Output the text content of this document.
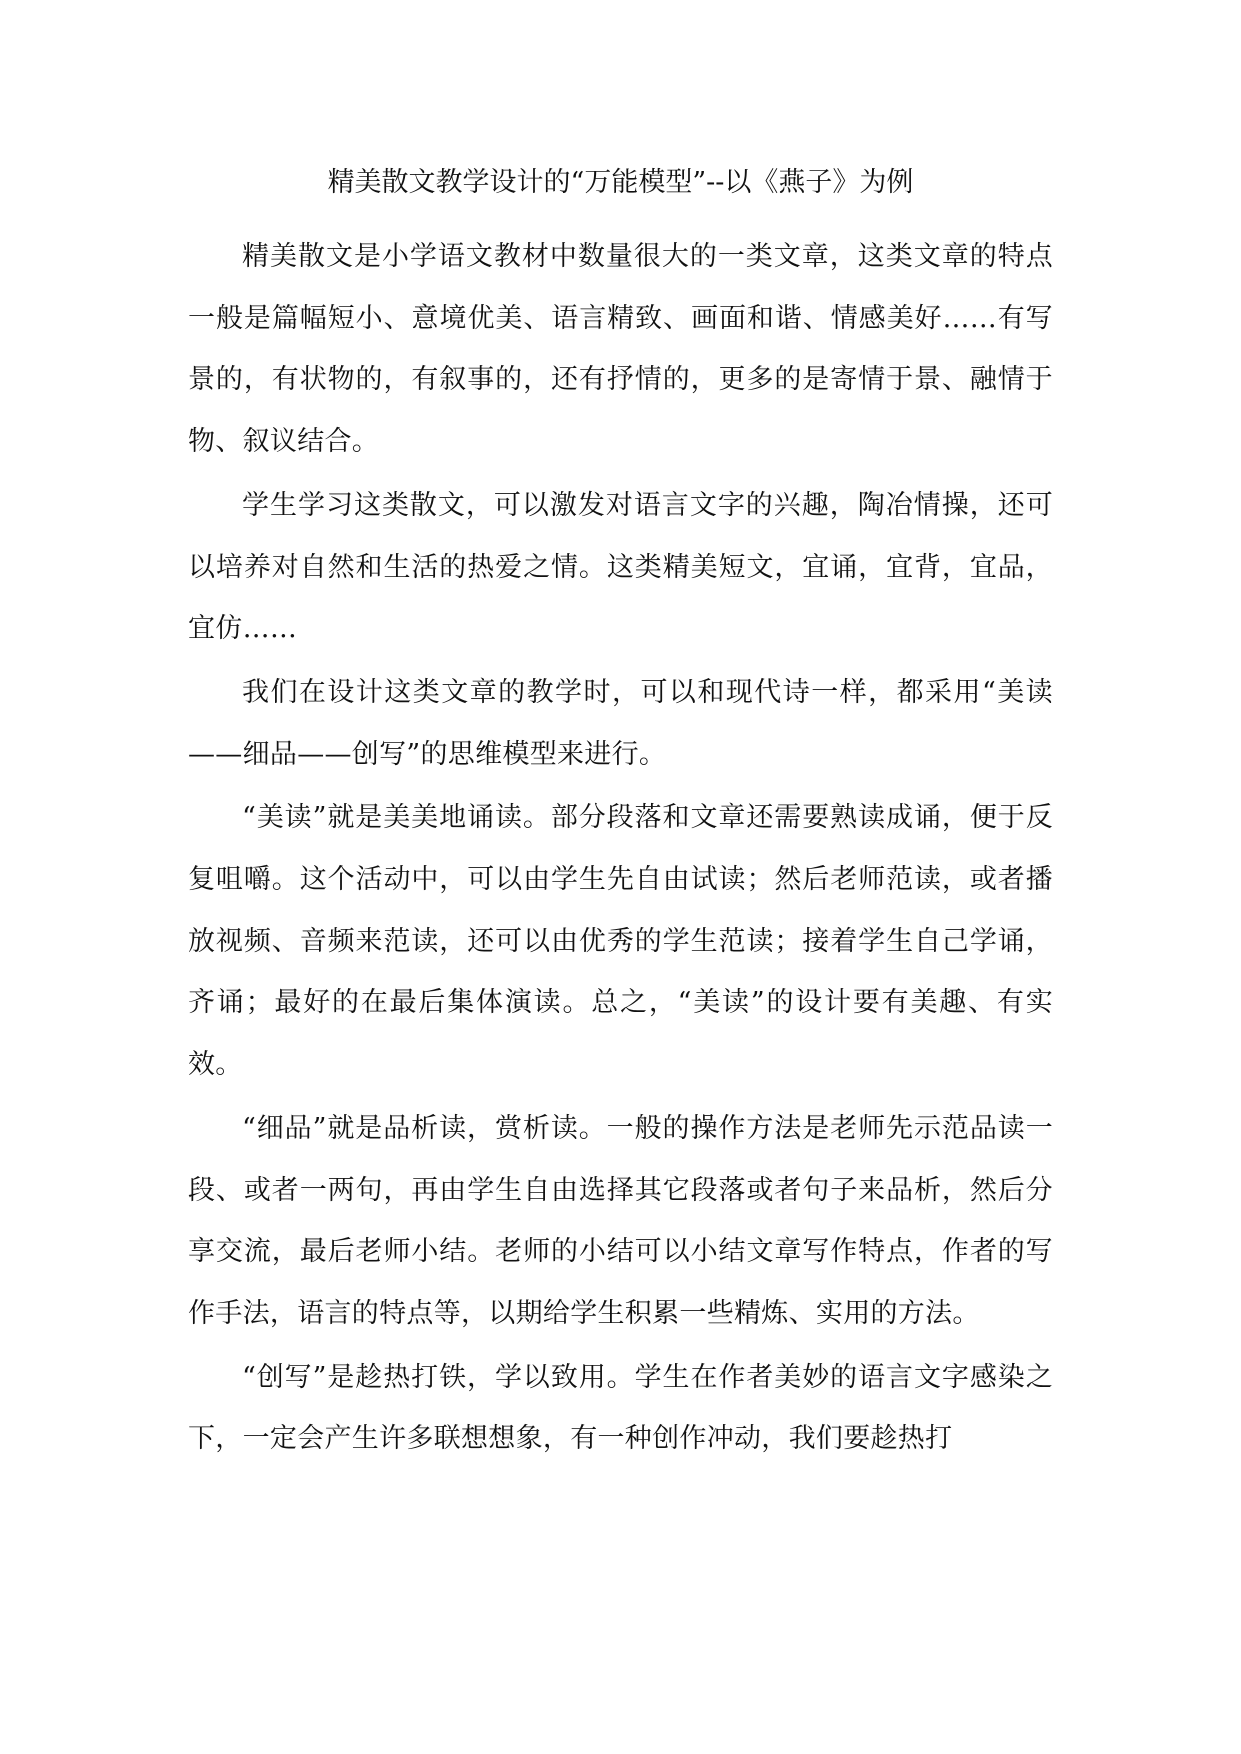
精美散文教学设计的“万能模型”--以《燕子》为例

精美散文是小学语文教材中数量很大的一类文章，这类文章的特点一般是篇幅短小、意境优美、语言精致、画面和谐、情感美好……有写景的，有状物的，有叙事的，还有抒情的，更多的是寄情于景、融情于物、叙议结合。

学生学习这类散文，可以激发对语言文字的兴趣，陶冶情操，还可以培养对自然和生活的热爱之情。这类精美短文，宜诵，宜背，宜品，宜仿……

我们在设计这类文章的教学时，可以和现代诗一样，都采用“美读——细品——创写”的思维模型来进行。

“美读”就是美美地诵读。部分段落和文章还需要熟读成诵，便于反复咀嚼。这个活动中，可以由学生先自由试读；然后老师范读，或者播放视频、音频来范读，还可以由优秀的学生范读；接着学生自己学诵，齐诵；最好的在最后集体演读。总之，“美读”的设计要有美趣、有实效。

“细品”就是品析读，赏析读。一般的操作方法是老师先示范品读一段、或者一两句，再由学生自由选择其它段落或者句子来品析，然后分享交流，最后老师小结。老师的小结可以小结文章写作特点，作者的写作手法，语言的特点等，以期给学生积累一些精炼、实用的方法。

“创写”是趁热打铁，学以致用。学生在作者美妙的语言文字感染之下，一定会产生许多联想想象，有一种创作冲动，我们要趁热打
